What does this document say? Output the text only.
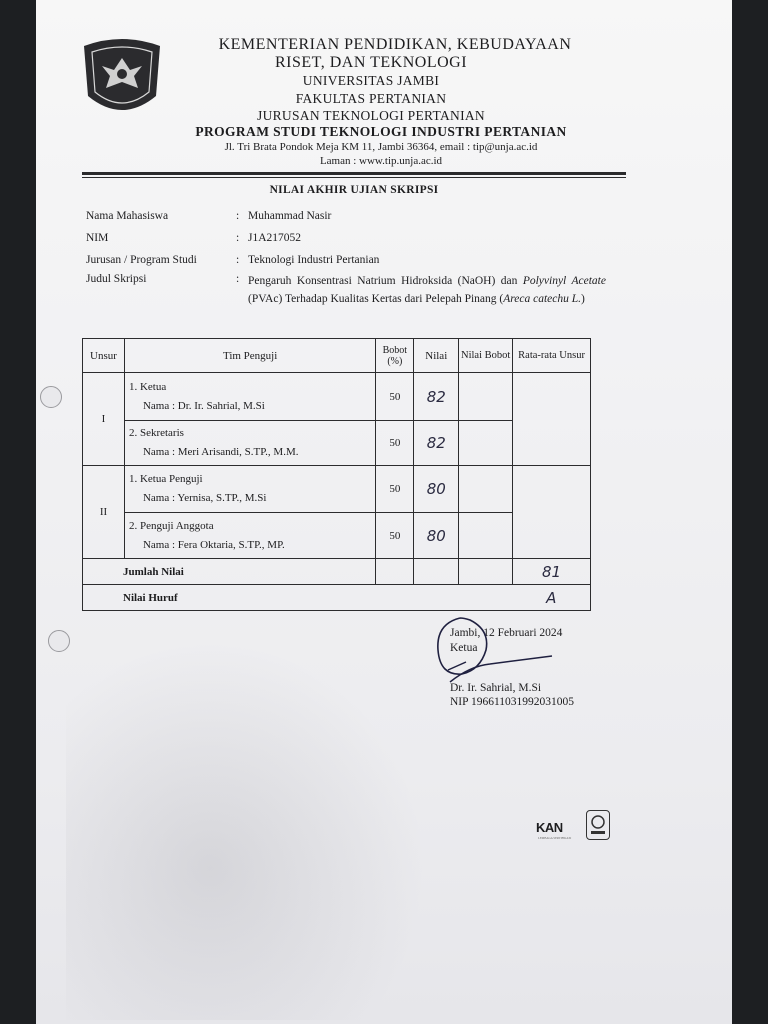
KEMENTERIAN PENDIDIKAN, KEBUDAYAAN
RISET, DAN TEKNOLOGI
UNIVERSITAS JAMBI
FAKULTAS PERTANIAN
JURUSAN TEKNOLOGI PERTANIAN
PROGRAM STUDI TEKNOLOGI INDUSTRI PERTANIAN
Jl. Tri Brata Pondok Meja KM 11, Jambi 36364, email : tip@unja.ac.id
Laman : www.tip.unja.ac.id
NILAI AKHIR UJIAN SKRIPSI
Nama Mahasiswa	: Muhammad Nasir
NIM	: J1A217052
Jurusan / Program Studi	: Teknologi Industri Pertanian
Judul Skripsi	: Pengaruh Konsentrasi Natrium Hidroksida (NaOH) dan Polyvinyl Acetate (PVAc) Terhadap Kualitas Kertas dari Pelepah Pinang (Areca catechu L.)
Unsur	Tim Penguji	Bobot (%)	Nilai	Nilai Bobot	Rata-rata Unsur
I	1. Ketua
Nama : Dr. Ir. Sahrial, M.Si	50	82		

	2. Sekretaris
Nama : Meri Arisandi, S.TP., M.M.	50	82		
II	1. Ketua Penguji
Nama : Yernisa, S.TP., M.Si	50	80		

	2. Penguji Anggota
Nama : Fera Oktaria, S.TP., MP.	50	80		
Jumlah Nilai					81
Nilai Huruf					A
Jambi, 12 Februari 2024
Ketua
Dr. Ir. Sahrial, M.Si
NIP 196611031992031005
KAN
LEMBAGA SERTIFIKASI
